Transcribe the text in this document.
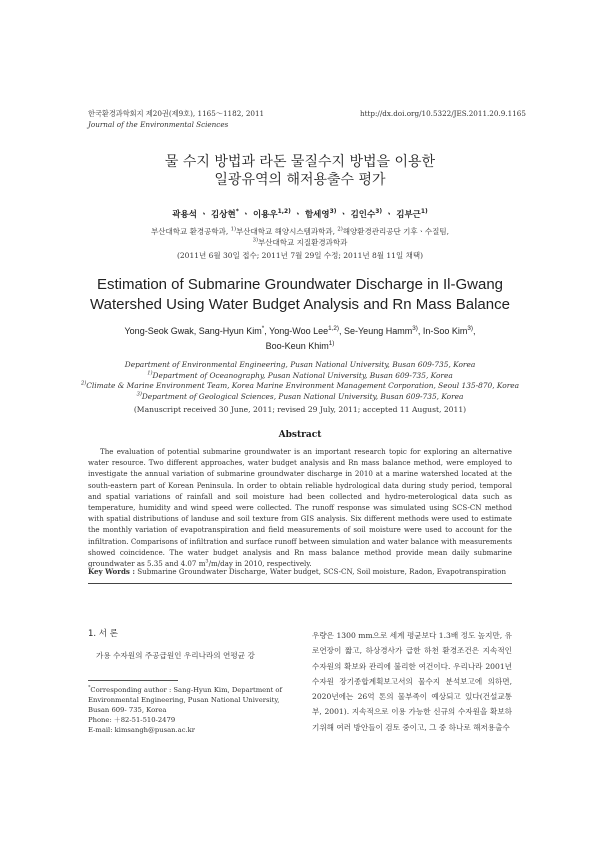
한국환경과학회지 제20권(제9호), 1165～1182, 2011
Journal of the Environmental Sciences
http://dx.doi.org/10.5322/JES.2011.20.9.1165
물 수지 방법과 라돈 물질수지 방법을 이용한
일광유역의 해저용출수 평가
곽용석 ㆍ 김상현* ㆍ 이용우$^{1,2)}$ ㆍ 함세영$^{3)}$ ㆍ 김인수$^{3)}$ ㆍ 김부근$^{1)}$
부산대학교 환경공학과, $^{1)}$부산대학교 해양시스템과학과, $^{2)}$해양환경관리공단 기후ㆍ수질팀,
$^{3)}$부산대학교 지질환경과학과
(2011년 6월 30일 접수; 2011년 7월 29일 수정; 2011년 8월 11일 채택)
Estimation of Submarine Groundwater Discharge in Il-Gwang
Watershed Using Water Budget Analysis and Rn Mass Balance
Yong-Seok Gwak, Sang-Hyun Kim*, Yong-Woo Lee$^{1,2)}$, Se-Yeung Hamm$^{3)}$, In-Soo Kim$^{3)}$,
Boo-Keun Khim$^{1)}$
Department of Environmental Engineering, Pusan National University, Busan 609-735, Korea
$^{1)}$Department of Oceanography, Pusan National University, Busan 609-735, Korea
$^{2)}$Climate & Marine Environment Team, Korea Marine Environment Management Corporation, Seoul 135-870, Korea
$^{3)}$Department of Geological Sciences, Pusan National University, Busan 609-735, Korea
(Manuscript received 30 June, 2011; revised 29 July, 2011; accepted 11 August, 2011)
Abstract
The evaluation of potential submarine groundwater is an important research topic for exploring an alternative water resource. Two different approaches, water budget analysis and Rn mass balance method, were employed to investigate the annual variation of submarine groundwater discharge in 2010 at a marine watershed located at the south-eastern part of Korean Peninsula. In order to obtain reliable hydrological data during study period, temporal and spatial variations of rainfall and soil moisture had been collected and hydro-meterological data such as temperature, humidity and wind speed were collected. The runoff response was simulated using SCS-CN method with spatial distributions of landuse and soil texture from GIS analysis. Six different methods were used to estimate the monthly variation of evapotranspiration and field measurements of soil moisture were used to account for the infiltration. Comparisons of infiltration and surface runoff between simulation and water balance with measurements showed coincidence. The water budget analysis and Rn mass balance method provide mean daily submarine groundwater as 5.35 and 4.07 $m^3/m$/day in 2010, respectively.
Key Words : Submarine Groundwater Discharge, Water budget, SCS-CN, Soil moisture, Radon, Evapotranspiration
1. 서 론
가용 수자원의 주공급원인 우리나라의 연평균 강
*Corresponding author : Sang-Hyun Kim, Department of Environmental Engineering, Pusan National University, Busan 609- 735, Korea
Phone: ＋82-51-510-2479
E-mail: kimsangh@pusan.ac.kr
우량은 1300 mm으로 세계 평균보다 1.3배 정도 높지만, 유로연장이 짧고, 하상경사가 급한 하천 환경조건은 지속적인 수자원의 확보와 관리에 불리한 여건이다. 우리나라 2001년 수자원 장기종합계획보고서의 물수지 분석보고에 의하면, 2020년에는 26억 톤의 물부족이 예상되고 있다(건설교통부, 2001). 지속적으로 이용 가능한 신규의 수자원을 확보하기위해 여러 방안들이 검토 중이고, 그 중 하나로 해저용출수
